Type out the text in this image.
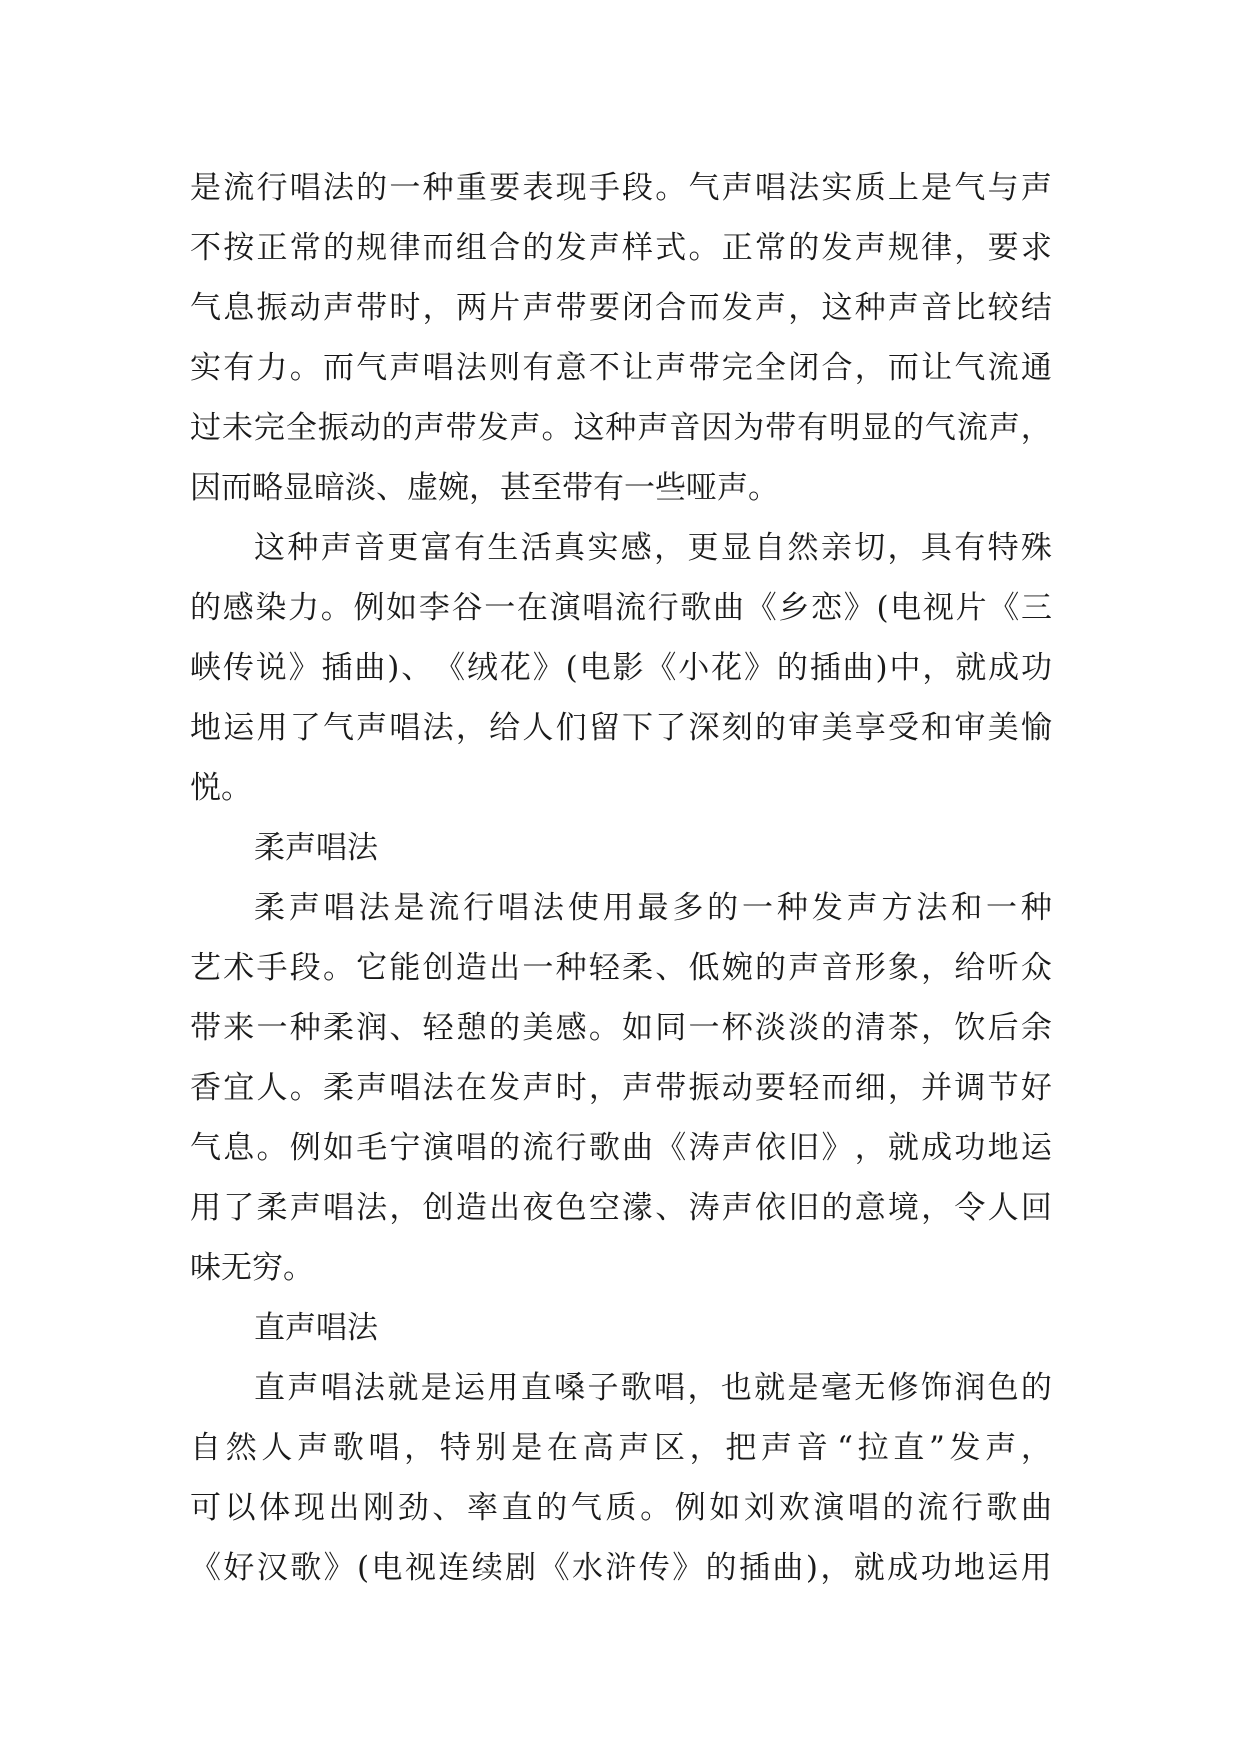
是 流 行 唱 法 的 一 种 重 要 表 现 手 段 。 气 声 唱 法 实 质 上 是 气 与 声
不 按 正 常 的 规 律 而 组 合 的 发 声 样 式 。 正 常 的 发 声 规 律 ， 要 求
气 息 振 动 声 带 时 ， 两 片 声 带 要 闭 合 而 发 声 ， 这 种 声 音 比 较 结
实 有 力 。 而 气 声 唱 法 则 有 意 不 让 声 带 完 全 闭 合 ， 而 让 气 流 通
过 未 完 全 振 动 的 声 带 发 声 。 这 种 声 音 因 为 带 有 明 显 的 气 流 声 ，
因而略显暗淡、虚婉，甚至带有一些哑声。
这 种 声 音 更 富 有 生 活 真 实 感 ， 更 显 自 然 亲 切 ， 具 有 特 殊
的 感 染 力 。 例 如 李 谷 一 在 演 唱 流 行 歌 曲 《 乡 恋 》 ( 电 视 片 《 三
峡 传 说 》 插 曲 ) 、 《 绒 花 》 ( 电 影 《 小 花 》 的 插 曲 ) 中 ， 就 成 功
地 运 用 了 气 声 唱 法 ， 给 人 们 留 下 了 深 刻 的 审 美 享 受 和 审 美 愉
悦。
柔声唱法
柔 声 唱 法 是 流 行 唱 法 使 用 最 多 的 一 种 发 声 方 法 和 一 种
艺 术 手 段 。 它 能 创 造 出 一 种 轻 柔 、 低 婉 的 声 音 形 象 ， 给 听 众
带 来 一 种 柔 润 、 轻 憩 的 美 感 。 如 同 一 杯 淡 淡 的 清 茶 ， 饮 后 余
香 宜 人 。 柔 声 唱 法 在 发 声 时 ， 声 带 振 动 要 轻 而 细 ， 并 调 节 好
气 息 。 例 如 毛 宁 演 唱 的 流 行 歌 曲 《 涛 声 依 旧 》 ， 就 成 功 地 运
用 了 柔 声 唱 法 ， 创 造 出 夜 色 空 濛 、 涛 声 依 旧 的 意 境 ， 令 人 回
味无穷。
直声唱法
直 声 唱 法 就 是 运 用 直 嗓 子 歌 唱 ， 也 就 是 毫 无 修 饰 润 色 的
自 然 人 声 歌 唱 ， 特 别 是 在 高 声 区 ， 把 声 音 “ 拉 直 ” 发 声 ，
可 以 体 现 出 刚 劲 、 率 直 的 气 质 。 例 如 刘 欢 演 唱 的 流 行 歌 曲
《 好 汉 歌 》 ( 电 视 连 续 剧 《 水 浒 传 》 的 插 曲 ) ， 就 成 功 地 运 用
